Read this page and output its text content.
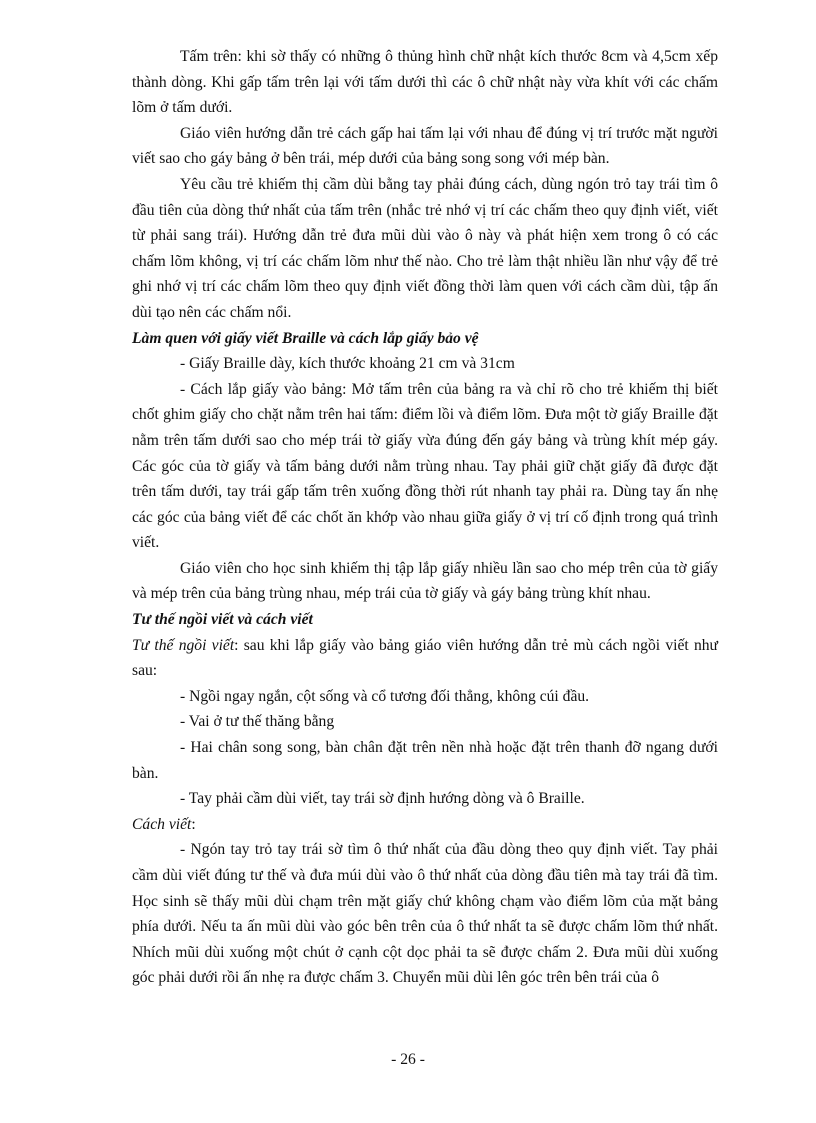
Tấm trên: khi sờ thấy có những ô thủng hình chữ nhật kích thước 8cm và 4,5cm xếp thành dòng. Khi gấp tấm trên lại với tấm dưới thì các ô chữ nhật này vừa khít với các chấm lõm ở tấm dưới.

Giáo viên hướng dẫn trẻ cách gấp hai tấm lại với nhau để đúng vị trí trước mặt người viết sao cho gáy bảng ở bên trái, mép dưới của bảng song song với mép bàn.

Yêu cầu trẻ khiếm thị cầm dùi bằng tay phải đúng cách, dùng ngón trỏ tay trái tìm ô đầu tiên của dòng thứ nhất của tấm trên (nhắc trẻ nhớ vị trí các chấm theo quy định viết, viết từ phải sang trái). Hướng dẫn trẻ đưa mũi dùi vào ô này và phát hiện xem trong ô có các chấm lõm không, vị trí các chấm lõm như thế nào. Cho trẻ làm thật nhiều lần như vậy để trẻ ghi nhớ vị trí các chấm lõm theo quy định viết đồng thời làm quen với cách cầm dùi, tập ấn dùi tạo nên các chấm nổi.

Làm quen với giấy viết Braille và cách lắp giấy bảo vệ

- Giấy Braille dày, kích thước khoảng 21 cm và 31cm

- Cách lắp giấy vào bảng: Mở tấm trên của bảng ra và chỉ rõ cho trẻ khiếm thị biết chốt ghim giấy cho chặt nằm trên hai tấm: điểm lồi và điểm lõm. Đưa một tờ giấy Braille đặt nằm trên tấm dưới sao cho mép trái tờ giấy vừa đúng đến gáy bảng và trùng khít mép gáy. Các góc của tờ giấy và tấm bảng dưới nằm trùng nhau. Tay phải giữ chặt giấy đã được đặt trên tấm dưới, tay trái gấp tấm trên xuống đồng thời rút nhanh tay phải ra. Dùng tay ấn nhẹ các góc của bảng viết để các chốt ăn khớp vào nhau giữa giấy ở vị trí cố định trong quá trình viết.

Giáo viên cho học sinh khiếm thị tập lắp giấy nhiều lần sao cho mép trên của tờ giấy và mép trên của bảng trùng nhau, mép trái của tờ giấy và gáy bảng trùng khít nhau.

Tư thế ngồi viết và cách viết

Tư thế ngồi viết: sau khi lắp giấy vào bảng giáo viên hướng dẫn trẻ mù cách ngồi viết như sau:

- Ngồi ngay ngắn, cột sống và cổ tương đối thẳng, không cúi đầu.

- Vai ở tư thế thăng bằng

- Hai chân song song, bàn chân đặt trên nền nhà hoặc đặt trên thanh đỡ ngang dưới bàn.

- Tay phải cầm dùi viết, tay trái sờ định hướng dòng và ô Braille.

Cách viết:

- Ngón tay trỏ tay trái sờ tìm ô thứ nhất của đầu dòng theo quy định viết. Tay phải cầm dùi viết đúng tư thế và đưa múi dùi vào ô thứ nhất của dòng đầu tiên mà tay trái đã tìm. Học sinh sẽ thấy mũi dùi chạm trên mặt giấy chứ không chạm vào điểm lõm của mặt bảng phía dưới. Nếu ta ấn mũi dùi vào góc bên trên của ô thứ nhất ta sẽ được chấm lõm thứ nhất. Nhích mũi dùi xuống một chút ở cạnh cột dọc phải ta sẽ được chấm 2. Đưa mũi dùi xuống góc phải dưới rồi ấn nhẹ ra được chấm 3. Chuyển mũi dùi lên góc trên bên trái của ô

- 26 -
